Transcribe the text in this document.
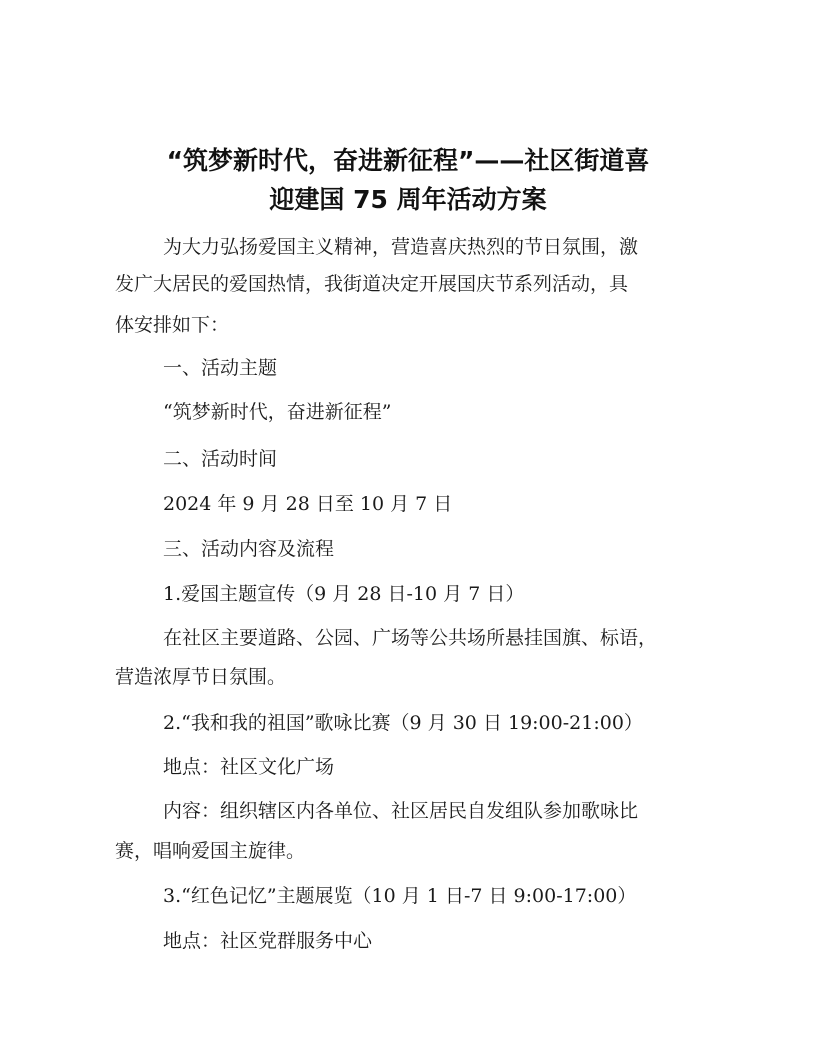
“筑梦新时代，奋进新征程”——社区街道喜
迎建国 75 周年活动方案
为大力弘扬爱国主义精神，营造喜庆热烈的节日氛围，激
发广大居民的爱国热情，我街道决定开展国庆节系列活动，具
体安排如下：
一、活动主题
“筑梦新时代，奋进新征程”
二、活动时间
2024 年 9 月 28 日至 10 月 7 日
三、活动内容及流程
1.爱国主题宣传（9 月 28 日-10 月 7 日）
在社区主要道路、公园、广场等公共场所悬挂国旗、标语，
营造浓厚节日氛围。
2.“我和我的祖国”歌咏比赛（9 月 30 日 19:00-21:00）
地点：社区文化广场
内容：组织辖区内各单位、社区居民自发组队参加歌咏比
赛，唱响爱国主旋律。
3.“红色记忆”主题展览（10 月 1 日-7 日 9:00-17:00）
地点：社区党群服务中心
